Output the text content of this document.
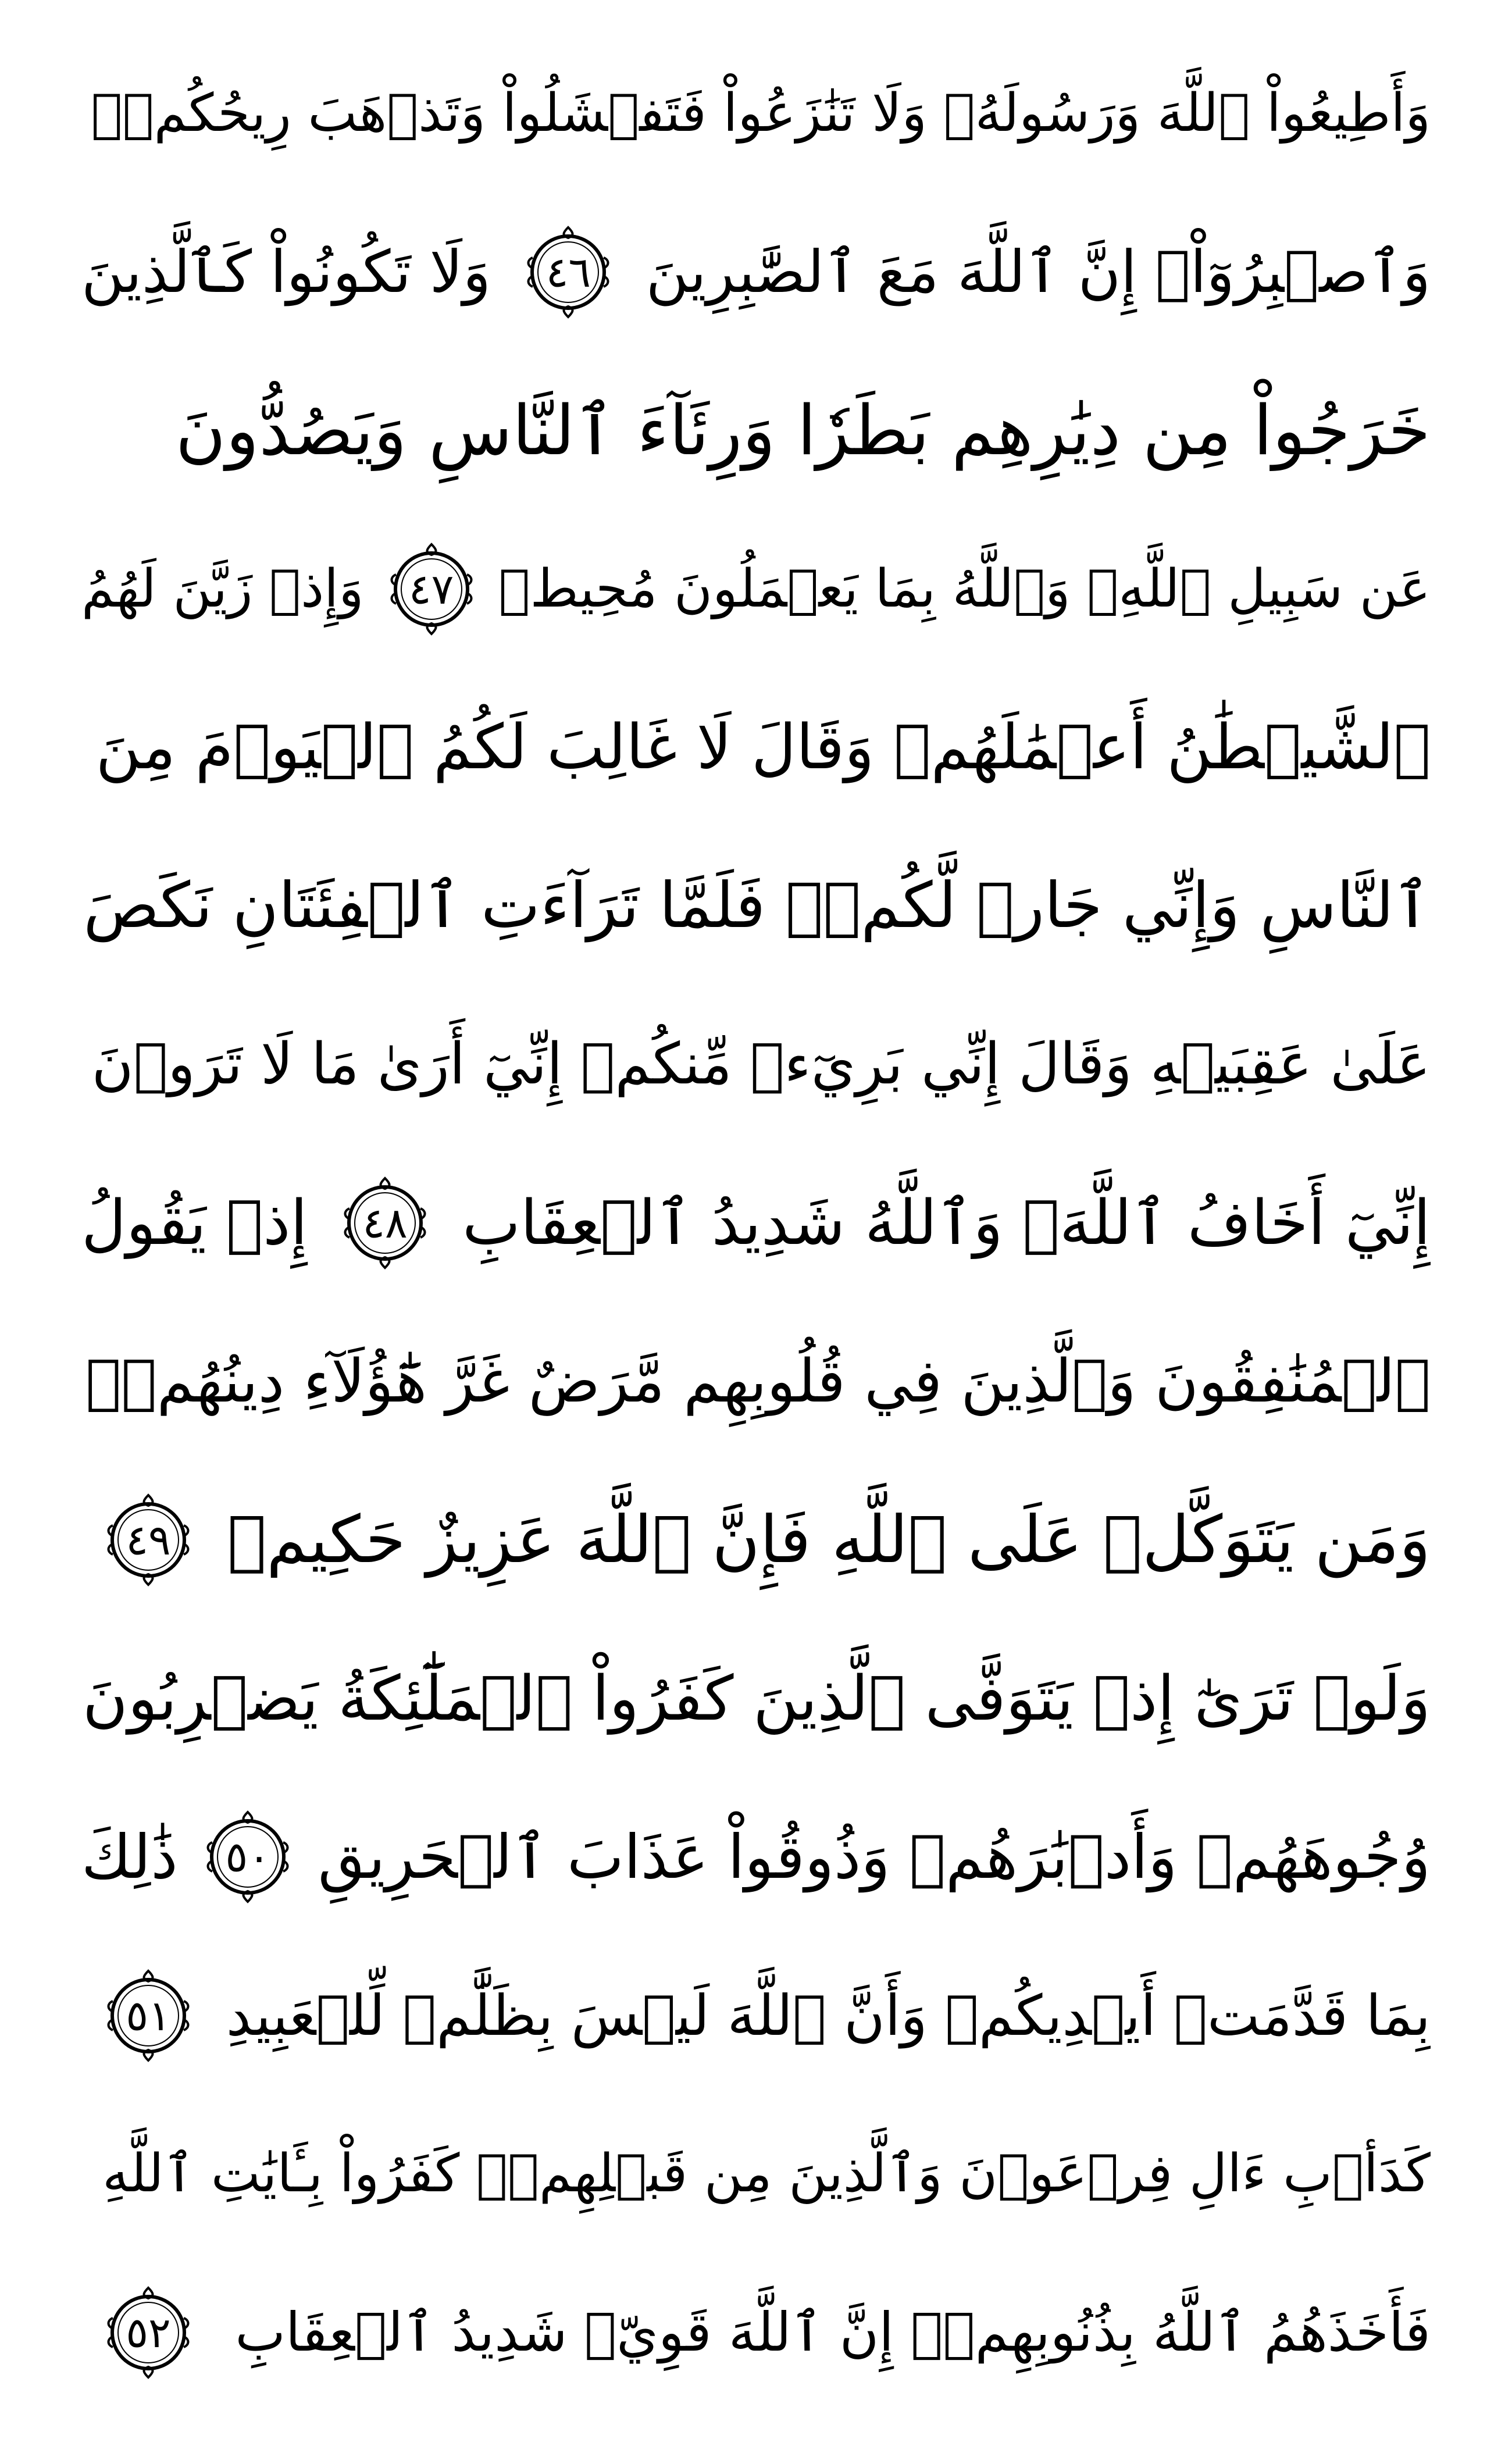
وَأَطِيعُواْ ٱللَّهَ وَرَسُولَهُۥ وَلَا تَنَٰزَعُواْ فَتَفۡشَلُواْ وَتَذۡهَبَ رِيحُكُمۡۖ
وَٱصۡبِرُوٓاْۚ إِنَّ ٱللَّهَ مَعَ ٱلصَّٰبِرِينَ
٤٦
وَلَا تَكُونُواْ كَٱلَّذِينَ
خَرَجُواْ مِن دِيَٰرِهِم بَطَرٗا وَرِئَآءَ ٱلنَّاسِ وَيَصُدُّونَ
عَن سَبِيلِ ٱللَّهِۚ وَٱللَّهُ بِمَا يَعۡمَلُونَ مُحِيطٞ
٤٧
وَإِذۡ زَيَّنَ لَهُمُ
ٱلشَّيۡطَٰنُ أَعۡمَٰلَهُمۡ وَقَالَ لَا غَالِبَ لَكُمُ ٱلۡيَوۡمَ مِنَ
ٱلنَّاسِ وَإِنِّي جَارٞ لَّكُمۡۖ فَلَمَّا تَرَآءَتِ ٱلۡفِئَتَانِ نَكَصَ
عَلَىٰ عَقِبَيۡهِ وَقَالَ إِنِّي بَرِيٓءٞ مِّنكُمۡ إِنِّيٓ أَرَىٰ مَا لَا تَرَوۡنَ
إِنِّيٓ أَخَافُ ٱللَّهَۚ وَٱللَّهُ شَدِيدُ ٱلۡعِقَابِ
٤٨
إِذۡ يَقُولُ
ٱلۡمُنَٰفِقُونَ وَٱلَّذِينَ فِي قُلُوبِهِم مَّرَضٌ غَرَّ هَٰٓؤُلَآءِ دِينُهُمۡۗ
وَمَن يَتَوَكَّلۡ عَلَى ٱللَّهِ فَإِنَّ ٱللَّهَ عَزِيزٌ حَكِيمٞ
٤٩
وَلَوۡ تَرَىٰٓ إِذۡ يَتَوَفَّى ٱلَّذِينَ كَفَرُواْ ٱلۡمَلَٰٓئِكَةُ يَضۡرِبُونَ
وُجُوهَهُمۡ وَأَدۡبَٰرَهُمۡ وَذُوقُواْ عَذَابَ ٱلۡحَرِيقِ
٥٠
ذَٰلِكَ
بِمَا قَدَّمَتۡ أَيۡدِيكُمۡ وَأَنَّ ٱللَّهَ لَيۡسَ بِظَلَّٰمٖ لِّلۡعَبِيدِ
٥١
كَدَأۡبِ ءَالِ فِرۡعَوۡنَ وَٱلَّذِينَ مِن قَبۡلِهِمۡۚ كَفَرُواْ بِـَٔايَٰتِ ٱللَّهِ
فَأَخَذَهُمُ ٱللَّهُ بِذُنُوبِهِمۡۗ إِنَّ ٱللَّهَ قَوِيّٞ شَدِيدُ ٱلۡعِقَابِ
٥٢
